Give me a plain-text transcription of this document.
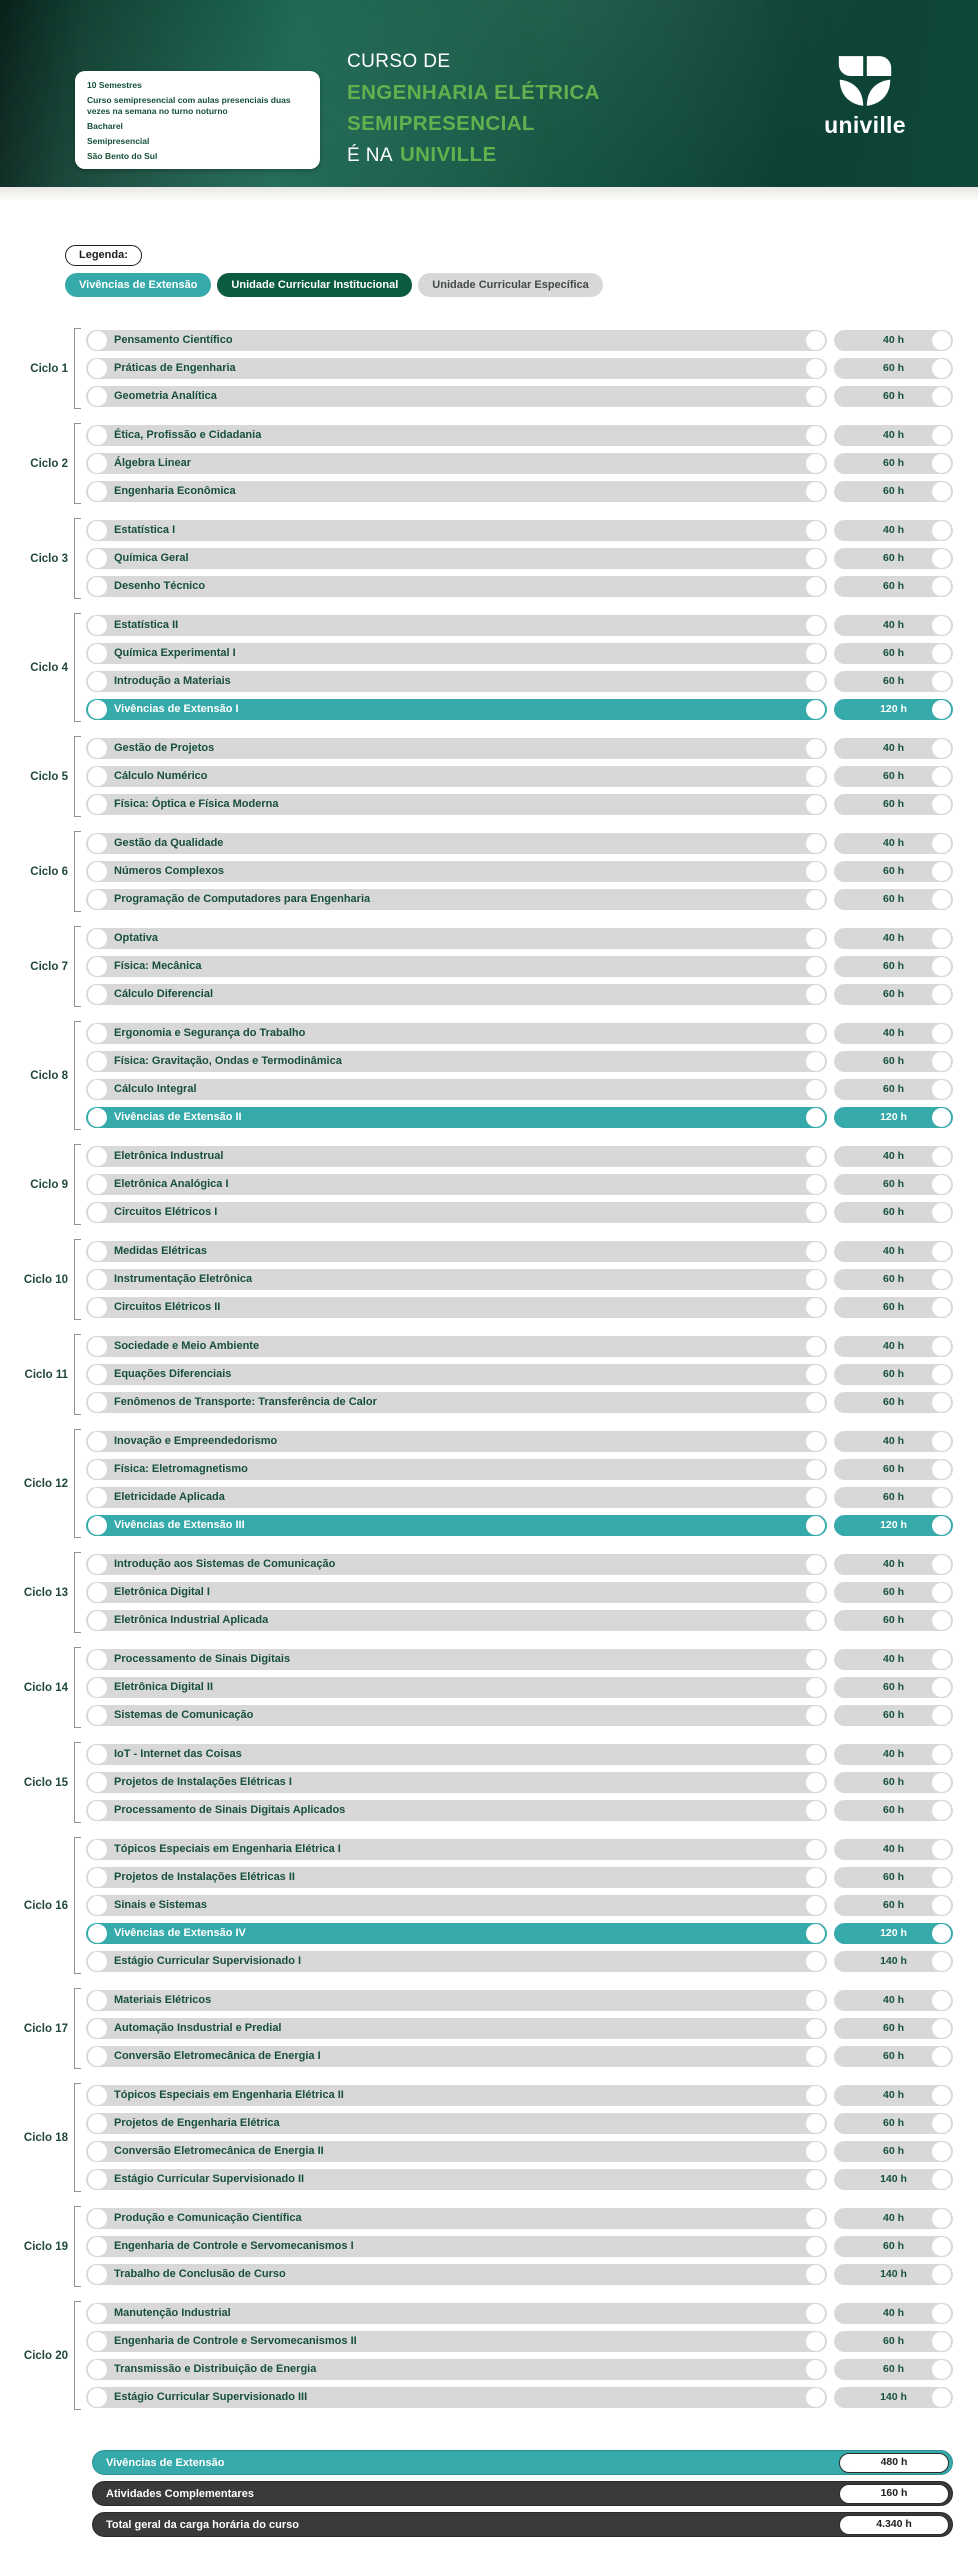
10 Semestres

Curso semipresencial com aulas presenciais duas vezes na semana no turno noturno

Bacharel

Semipresencial

São Bento do Sul

CURSO DE
ENGENHARIA ELÉTRICA
SEMIPRESENCIAL
É NA UNIVILLE
univille
Legenda:
Vivências de Extensão	Unidade Curricular Institucional	Unidade Curricular Específica
Ciclo 1
Pensamento Científico	40 h
Práticas de Engenharia	60 h
Geometria Analítica	60 h
Ciclo 2
Ética, Profissão e Cidadania	40 h
Álgebra Linear	60 h
Engenharia Econômica	60 h
Ciclo 3
Estatística I	40 h
Química Geral	60 h
Desenho Técnico	60 h
Ciclo 4
Estatística II	40 h
Química Experimental I	60 h
Introdução a Materiais	60 h
Vivências de Extensão I	120 h
Ciclo 5
Gestão de Projetos	40 h
Cálculo Numérico	60 h
Física: Óptica e Física Moderna	60 h
Ciclo 6
Gestão da Qualidade	40 h
Números Complexos	60 h
Programação de Computadores para Engenharia	60 h
Ciclo 7
Optativa	40 h
Física: Mecânica	60 h
Cálculo Diferencial	60 h
Ciclo 8
Ergonomia e Segurança do Trabalho	40 h
Física: Gravitação, Ondas e Termodinâmica	60 h
Cálculo Integral	60 h
Vivências de Extensão II	120 h
Ciclo 9
Eletrônica Industrual	40 h
Eletrônica Analógica I	60 h
Circuitos Elétricos I	60 h
Ciclo 10
Medidas Elétricas	40 h
Instrumentação Eletrônica	60 h
Circuitos Elétricos II	60 h
Ciclo 11
Sociedade e Meio Ambiente	40 h
Equações Diferenciais	60 h
Fenômenos de Transporte: Transferência de Calor	60 h
Ciclo 12
Inovação e Empreendedorismo	40 h
Física: Eletromagnetismo	60 h
Eletricidade Aplicada	60 h
Vivências de Extensão III	120 h
Ciclo 13
Introdução aos Sistemas de Comunicação	40 h
Eletrônica Digital I	60 h
Eletrônica Industrial Aplicada	60 h
Ciclo 14
Processamento de Sinais Digitais	40 h
Eletrônica Digital II	60 h
Sistemas de Comunicação	60 h
Ciclo 15
IoT - Internet das Coisas	40 h
Projetos de Instalações Elétricas I	60 h
Processamento de Sinais Digitais Aplicados	60 h
Ciclo 16
Tópicos Especiais em Engenharia Elétrica I	40 h
Projetos de Instalações Elétricas II	60 h
Sinais e Sistemas	60 h
Vivências de Extensão IV	120 h
Estágio Curricular Supervisionado I	140 h
Ciclo 17
Materiais Elétricos	40 h
Automação Insdustrial e Predial	60 h
Conversão Eletromecânica de Energia I	60 h
Ciclo 18
Tópicos Especiais em Engenharia Elétrica II	40 h
Projetos de Engenharia Elétrica	60 h
Conversão Eletromecânica de Energia II	60 h
Estágio Curricular Supervisionado II	140 h
Ciclo 19
Produção e Comunicação Científica	40 h
Engenharia de Controle e Servomecanismos I	60 h
Trabalho de Conclusão de Curso	140 h
Ciclo 20
Manutenção Industrial	40 h
Engenharia de Controle e Servomecanismos II	60 h
Transmissão e Distribuição de Energia	60 h
Estágio Curricular Supervisionado III	140 h
Vivências de Extensão	480 h
Atividades Complementares	160 h
Total geral da carga horária do curso	4.340 h
